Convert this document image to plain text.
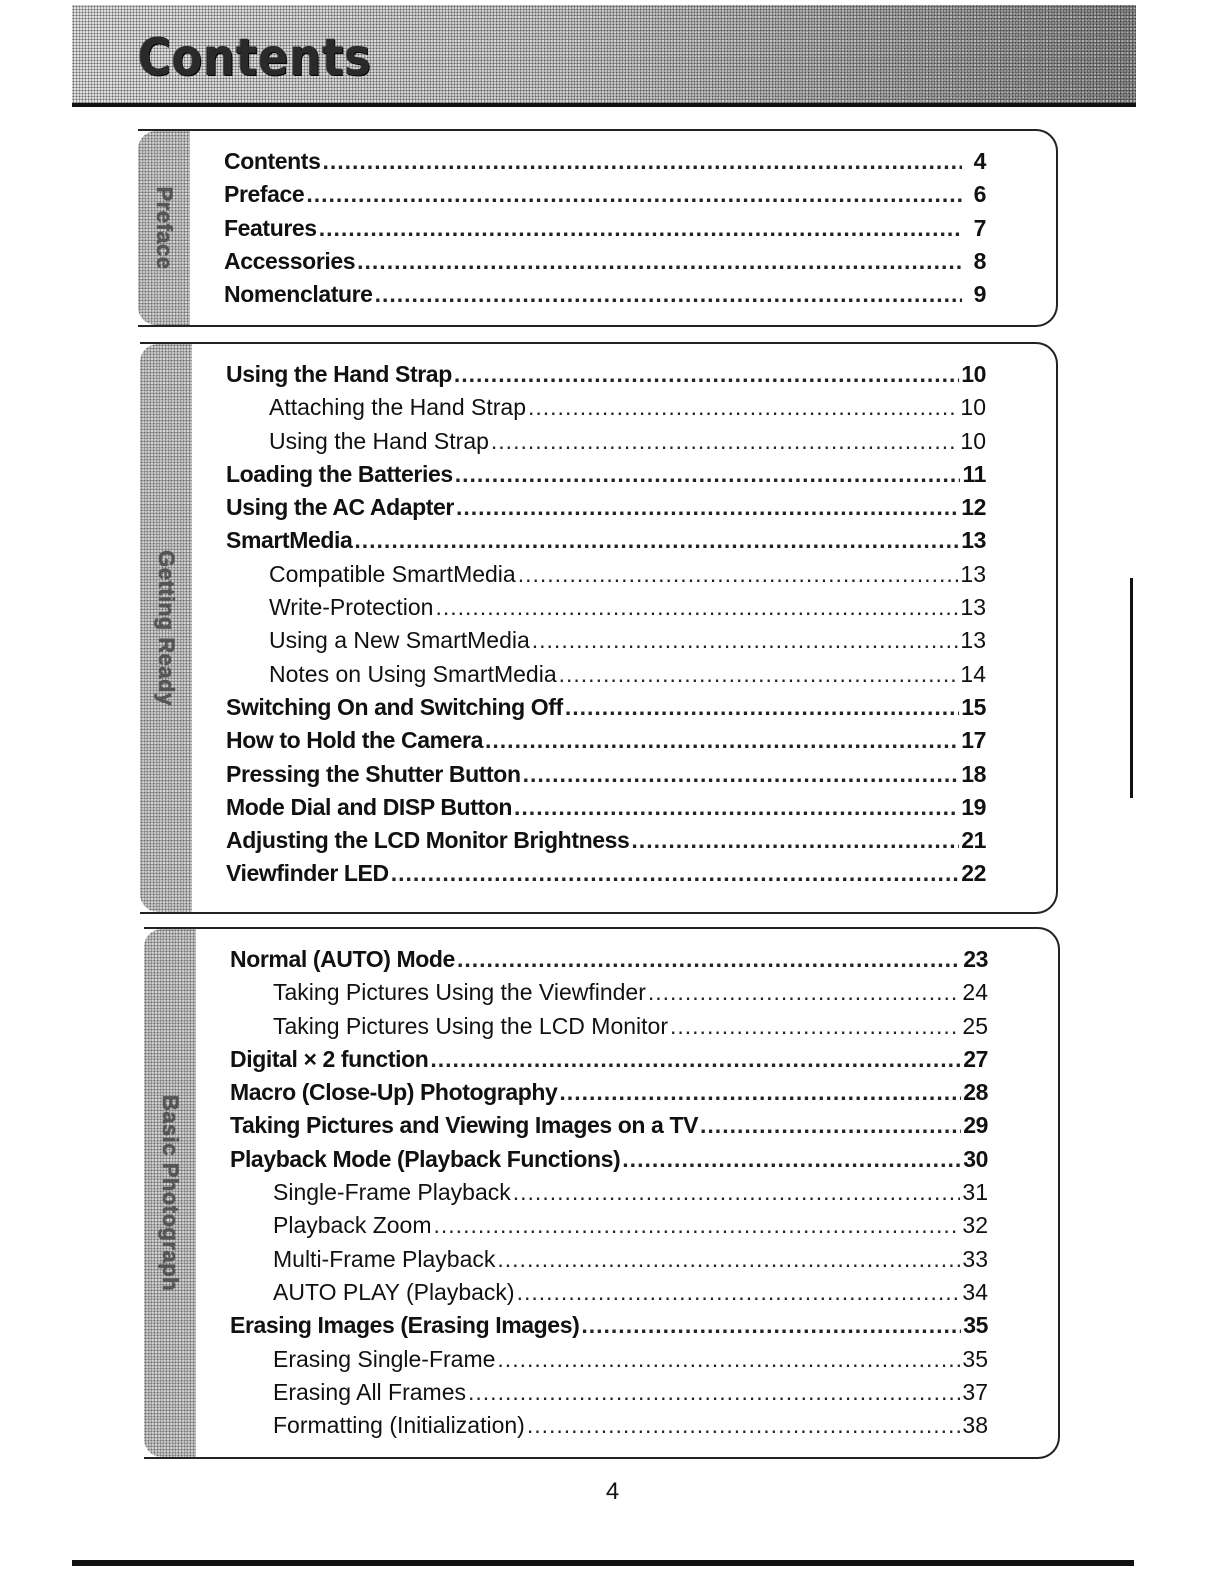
Contents
Preface
Contents .....	4
Preface .....	6
Features .....	7
Accessories .....	8
Nomenclature .....	9
Getting Ready
Using the Hand Strap .....	10
Attaching the Hand Strap .....	10
Using the Hand Strap .....	10
Loading the Batteries .....	11
Using the AC Adapter .....	12
SmartMedia .....	13
Compatible SmartMedia .....	13
Write-Protection .....	13
Using a New SmartMedia .....	13
Notes on Using SmartMedia .....	14
Switching On and Switching Off .....	15
How to Hold the Camera .....	17
Pressing the Shutter Button .....	18
Mode Dial and DISP Button .....	19
Adjusting the LCD Monitor Brightness .....	21
Viewfinder LED .....	22
Basic Photograph
Normal (AUTO) Mode .....	23
Taking Pictures Using the Viewfinder .....	24
Taking Pictures Using the LCD Monitor .....	25
Digital × 2 function .....	27
Macro (Close-Up) Photography .....	28
Taking Pictures and Viewing Images on a TV .....	29
Playback Mode (Playback Functions) .....	30
Single-Frame Playback .....	31
Playback Zoom .....	32
Multi-Frame Playback .....	33
AUTO PLAY (Playback) .....	34
Erasing Images (Erasing Images) .....	35
Erasing Single-Frame .....	35
Erasing All Frames .....	37
Formatting (Initialization) .....	38
4
